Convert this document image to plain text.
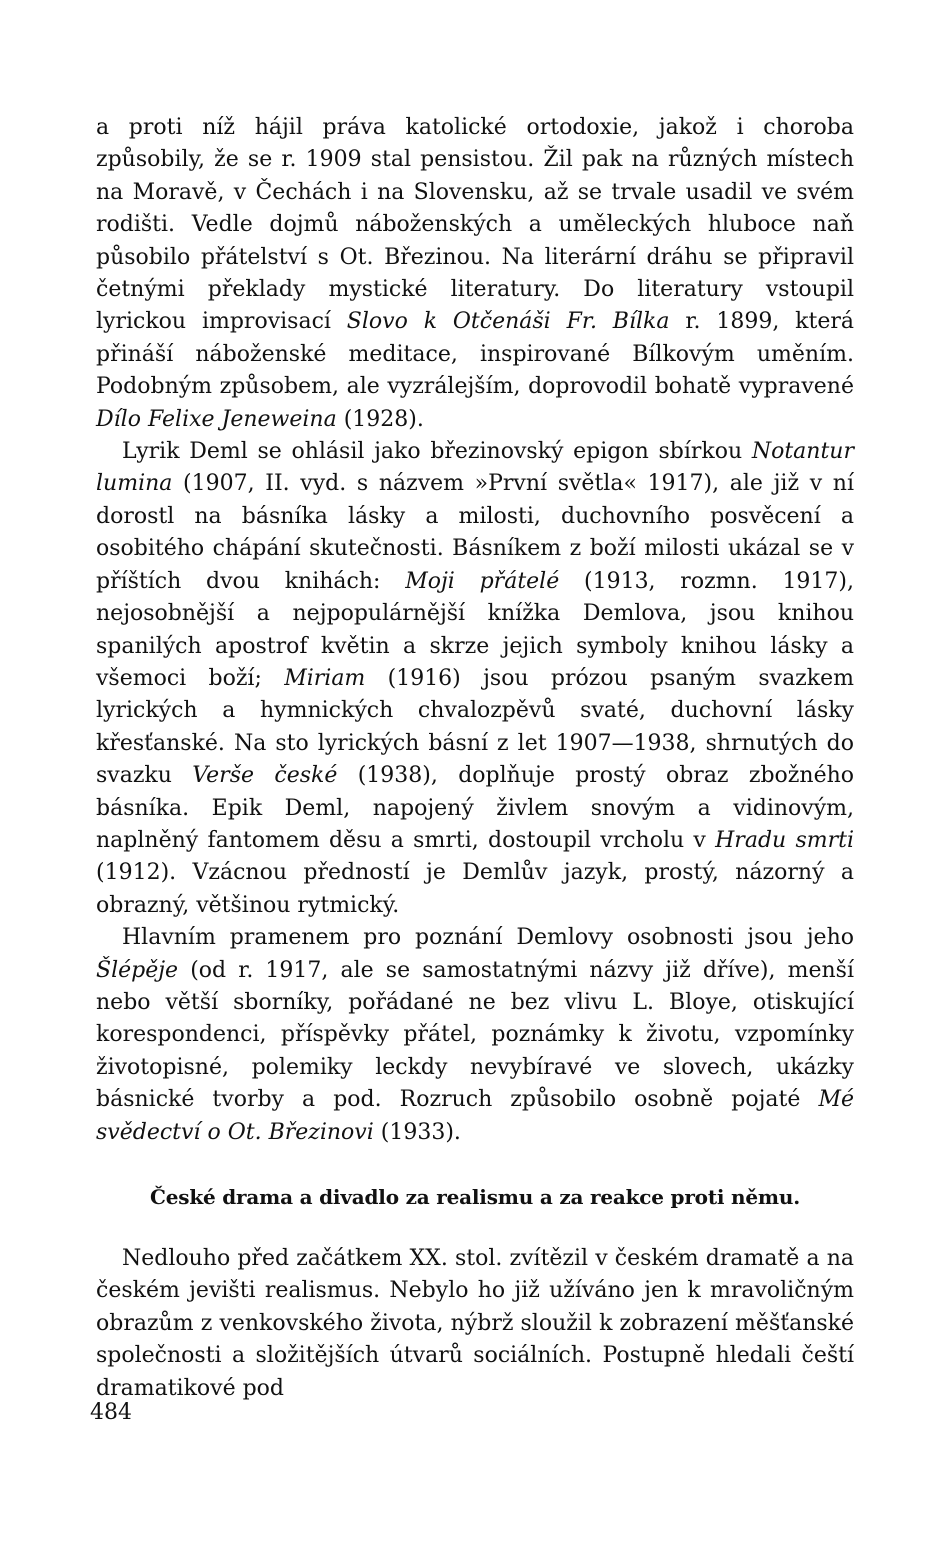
a proti níž hájil práva katolické ortodoxie, jakož i choroba způsobily, že se r. 1909 stal pensistou. Žil pak na různých místech na Moravě, v Čechách i na Slovensku, až se trvale usadil ve svém rodišti. Vedle dojmů náboženských a uměleckých hluboce naň působilo přátelství s Ot. Březinou. Na literární dráhu se připravil četnými překlady mystické literatury. Do literatury vstoupil lyrickou improvisací Slovo k Otčenáši Fr. Bílka r. 1899, která přináší náboženské meditace, inspirované Bílkovým uměním. Podobným způsobem, ale vyzrálejším, doprovodil bohatě vypravené Dílo Felixe Jeneweina (1928).

Lyrik Deml se ohlásil jako březinovský epigon sbírkou Notantur lumina (1907, II. vyd. s názvem »První světla« 1917), ale již v ní dorostl na básníka lásky a milosti, duchovního posvěcení a osobitého chápání skutečnosti. Básníkem z boží milosti ukázal se v příštích dvou knihách: Moji přátelé (1913, rozmn. 1917), nejosobnější a nejpopulárnější knížka Demlova, jsou knihou spanilých apostrof květin a skrze jejich symboly knihou lásky a všemoci boží; Miriam (1916) jsou prózou psaným svazkem lyrických a hymnických chvalozpěvů svaté, duchovní lásky křesťanské. Na sto lyrických básní z let 1907—1938, shrnutých do svazku Verše české (1938), doplňuje prostý obraz zbožného básníka. Epik Deml, napojený živlem snovým a vidinovým, naplněný fantomem děsu a smrti, dostoupil vrcholu v Hradu smrti (1912). Vzácnou předností je Demlův jazyk, prostý, názorný a obrazný, většinou rytmický.

Hlavním pramenem pro poznání Demlovy osobnosti jsou jeho Šlépěje (od r. 1917, ale se samostatnými názvy již dříve), menší nebo větší sborníky, pořádané ne bez vlivu L. Bloye, otiskující korespondenci, příspěvky přátel, poznámky k životu, vzpomínky životopisné, polemiky leckdy nevybíravé ve slovech, ukázky básnické tvorby a pod. Rozruch způsobilo osobně pojaté Mé svědectví o Ot. Březinovi (1933).

České drama a divadlo za realismu a za reakce proti němu.

Nedlouho před začátkem XX. stol. zvítězil v českém dramatě a na českém jevišti realismus. Nebylo ho již užíváno jen k mravoličným obrazům z venkovského života, nýbrž sloužil k zobrazení měšťanské společnosti a složitějších útvarů sociálních. Postupně hledali čeští dramatikové pod

484
